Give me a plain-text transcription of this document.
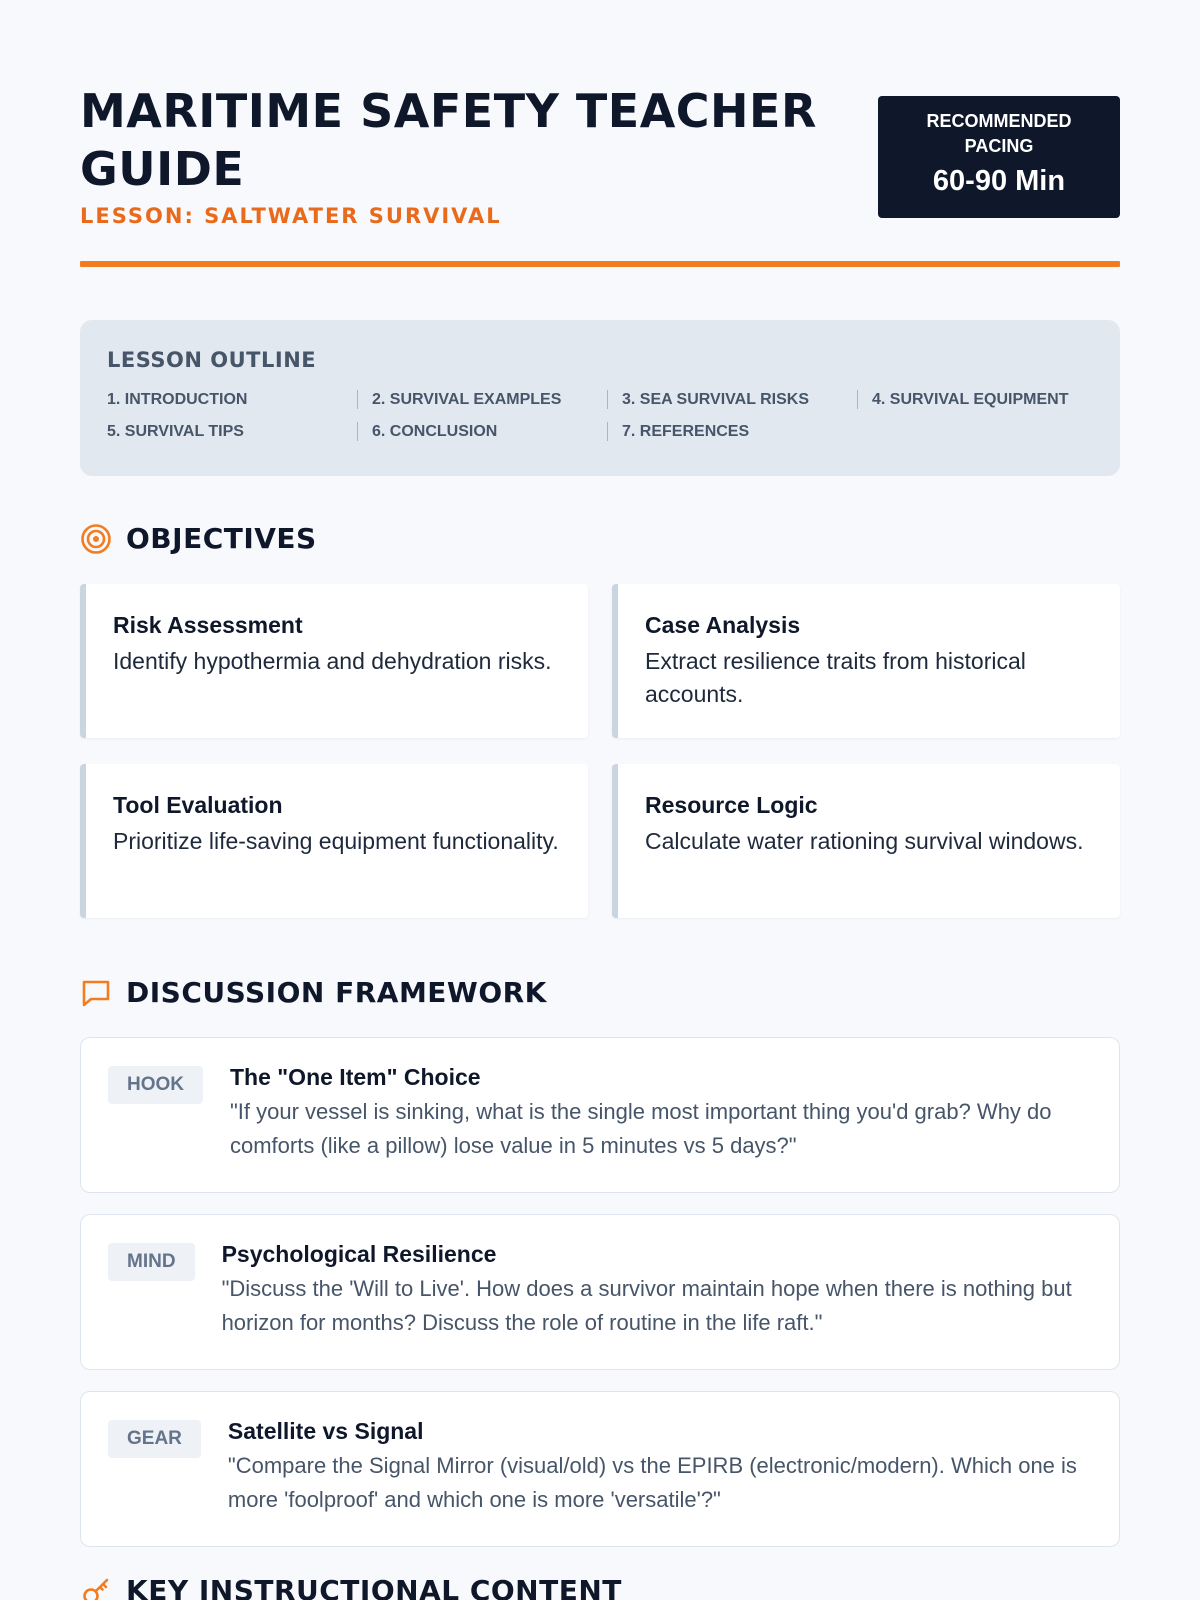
MARITIME SAFETY TEACHER GUIDE
LESSON: SALTWATER SURVIVAL
RECOMMENDED PACING
60-90 Min
LESSON OUTLINE
1. INTRODUCTION	2. SURVIVAL EXAMPLES	3. SEA SURVIVAL RISKS	4. SURVIVAL EQUIPMENT
5. SURVIVAL TIPS	6. CONCLUSION	7. REFERENCES
OBJECTIVES
Risk Assessment
Identify hypothermia and dehydration risks.
Case Analysis
Extract resilience traits from historical accounts.
Tool Evaluation
Prioritize life-saving equipment functionality.
Resource Logic
Calculate water rationing survival windows.
DISCUSSION FRAMEWORK
HOOK	The "One Item" Choice
"If your vessel is sinking, what is the single most important thing you'd grab? Why do comforts (like a pillow) lose value in 5 minutes vs 5 days?"
MIND	Psychological Resilience
"Discuss the 'Will to Live'. How does a survivor maintain hope when there is nothing but horizon for months? Discuss the role of routine in the life raft."
GEAR	Satellite vs Signal
"Compare the Signal Mirror (visual/old) vs the EPIRB (electronic/modern). Which one is more 'foolproof' and which one is more 'versatile'?"
KEY INSTRUCTIONAL CONTENT
